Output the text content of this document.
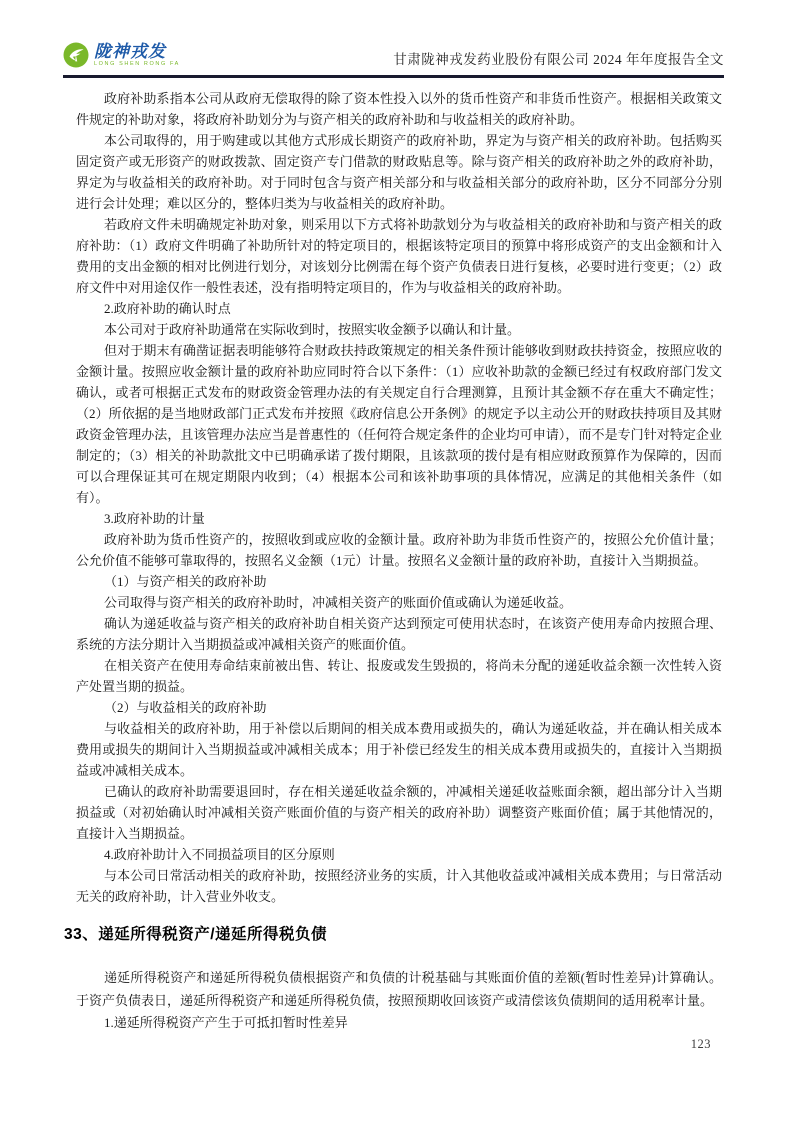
陇神戎发
LONG SHEN RONG FA	甘肃陇神戎发药业股份有限公司 2024 年年度报告全文

政府补助系指本公司从政府无偿取得的除了资本性投入以外的货币性资产和非货币性资产。根据相关政策文件规定的补助对象，将政府补助划分为与资产相关的政府补助和与收益相关的政府补助。

本公司取得的，用于购建或以其他方式形成长期资产的政府补助，界定为与资产相关的政府补助。包括购买固定资产或无形资产的财政拨款、固定资产专门借款的财政贴息等。除与资产相关的政府补助之外的政府补助，界定为与收益相关的政府补助。对于同时包含与资产相关部分和与收益相关部分的政府补助，区分不同部分分别进行会计处理；难以区分的，整体归类为与收益相关的政府补助。

若政府文件未明确规定补助对象，则采用以下方式将补助款划分为与收益相关的政府补助和与资产相关的政府补助：（1）政府文件明确了补助所针对的特定项目的，根据该特定项目的预算中将形成资产的支出金额和计入费用的支出金额的相对比例进行划分，对该划分比例需在每个资产负债表日进行复核，必要时进行变更；（2）政府文件中对用途仅作一般性表述，没有指明特定项目的，作为与收益相关的政府补助。

2.政府补助的确认时点

本公司对于政府补助通常在实际收到时，按照实收金额予以确认和计量。

但对于期末有确凿证据表明能够符合财政扶持政策规定的相关条件预计能够收到财政扶持资金，按照应收的金额计量。按照应收金额计量的政府补助应同时符合以下条件：（1）应收补助款的金额已经过有权政府部门发文确认，或者可根据正式发布的财政资金管理办法的有关规定自行合理测算，且预计其金额不存在重大不确定性；（2）所依据的是当地财政部门正式发布并按照《政府信息公开条例》的规定予以主动公开的财政扶持项目及其财政资金管理办法，且该管理办法应当是普惠性的（任何符合规定条件的企业均可申请），而不是专门针对特定企业制定的；（3）相关的补助款批文中已明确承诺了拨付期限，且该款项的拨付是有相应财政预算作为保障的，因而可以合理保证其可在规定期限内收到；（4）根据本公司和该补助事项的具体情况，应满足的其他相关条件（如有）。

3.政府补助的计量

政府补助为货币性资产的，按照收到或应收的金额计量。政府补助为非货币性资产的，按照公允价值计量；公允价值不能够可靠取得的，按照名义金额（1元）计量。按照名义金额计量的政府补助，直接计入当期损益。

（1）与资产相关的政府补助

公司取得与资产相关的政府补助时，冲减相关资产的账面价值或确认为递延收益。

确认为递延收益与资产相关的政府补助自相关资产达到预定可使用状态时，在该资产使用寿命内按照合理、系统的方法分期计入当期损益或冲减相关资产的账面价值。

在相关资产在使用寿命结束前被出售、转让、报废或发生毁损的，将尚未分配的递延收益余额一次性转入资产处置当期的损益。

（2）与收益相关的政府补助

与收益相关的政府补助，用于补偿以后期间的相关成本费用或损失的，确认为递延收益，并在确认相关成本费用或损失的期间计入当期损益或冲减相关成本；用于补偿已经发生的相关成本费用或损失的，直接计入当期损益或冲减相关成本。

已确认的政府补助需要退回时，存在相关递延收益余额的，冲减相关递延收益账面余额，超出部分计入当期损益或（对初始确认时冲减相关资产账面价值的与资产相关的政府补助）调整资产账面价值；属于其他情况的，直接计入当期损益。

4.政府补助计入不同损益项目的区分原则

与本公司日常活动相关的政府补助，按照经济业务的实质，计入其他收益或冲减相关成本费用；与日常活动无关的政府补助，计入营业外收支。

33、递延所得税资产/递延所得税负债

递延所得税资产和递延所得税负债根据资产和负债的计税基础与其账面价值的差额(暂时性差异)计算确认。于资产负债表日，递延所得税资产和递延所得税负债，按照预期收回该资产或清偿该负债期间的适用税率计量。

1.递延所得税资产产生于可抵扣暂时性差异

123
